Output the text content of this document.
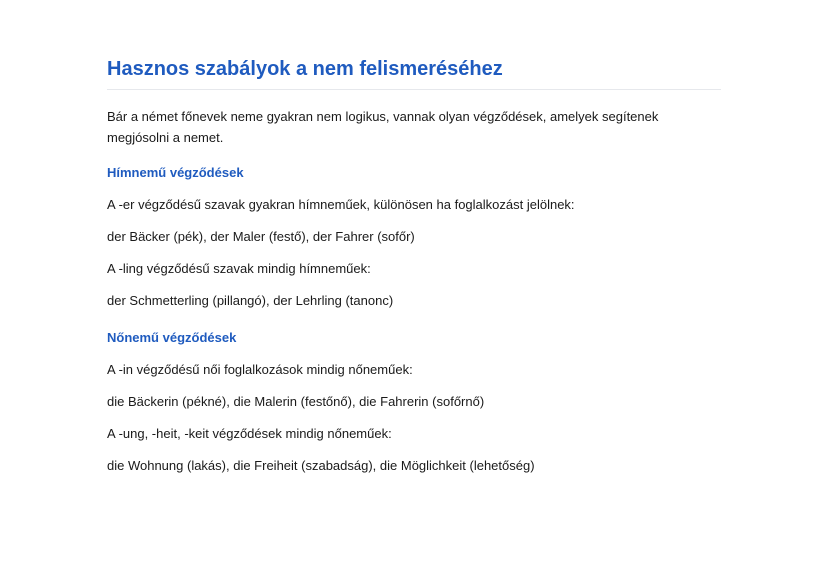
Hasznos szabályok a nem felismeréséhez

Bár a német főnevek neme gyakran nem logikus, vannak olyan végződések, amelyek segítenek megjósolni a nemet.

Hímnemű végződések

A -er végződésű szavak gyakran hímneműek, különösen ha foglalkozást jelölnek:

der Bäcker (pék), der Maler (festő), der Fahrer (sofőr)

A -ling végződésű szavak mindig hímneműek:

der Schmetterling (pillangó), der Lehrling (tanonc)

Nőnemű végződések

A -in végződésű női foglalkozások mindig nőneműek:

die Bäckerin (pékné), die Malerin (festőnő), die Fahrerin (sofőrnő)

A -ung, -heit, -keit végződések mindig nőneműek:

die Wohnung (lakás), die Freiheit (szabadság), die Möglichkeit (lehetőség)
